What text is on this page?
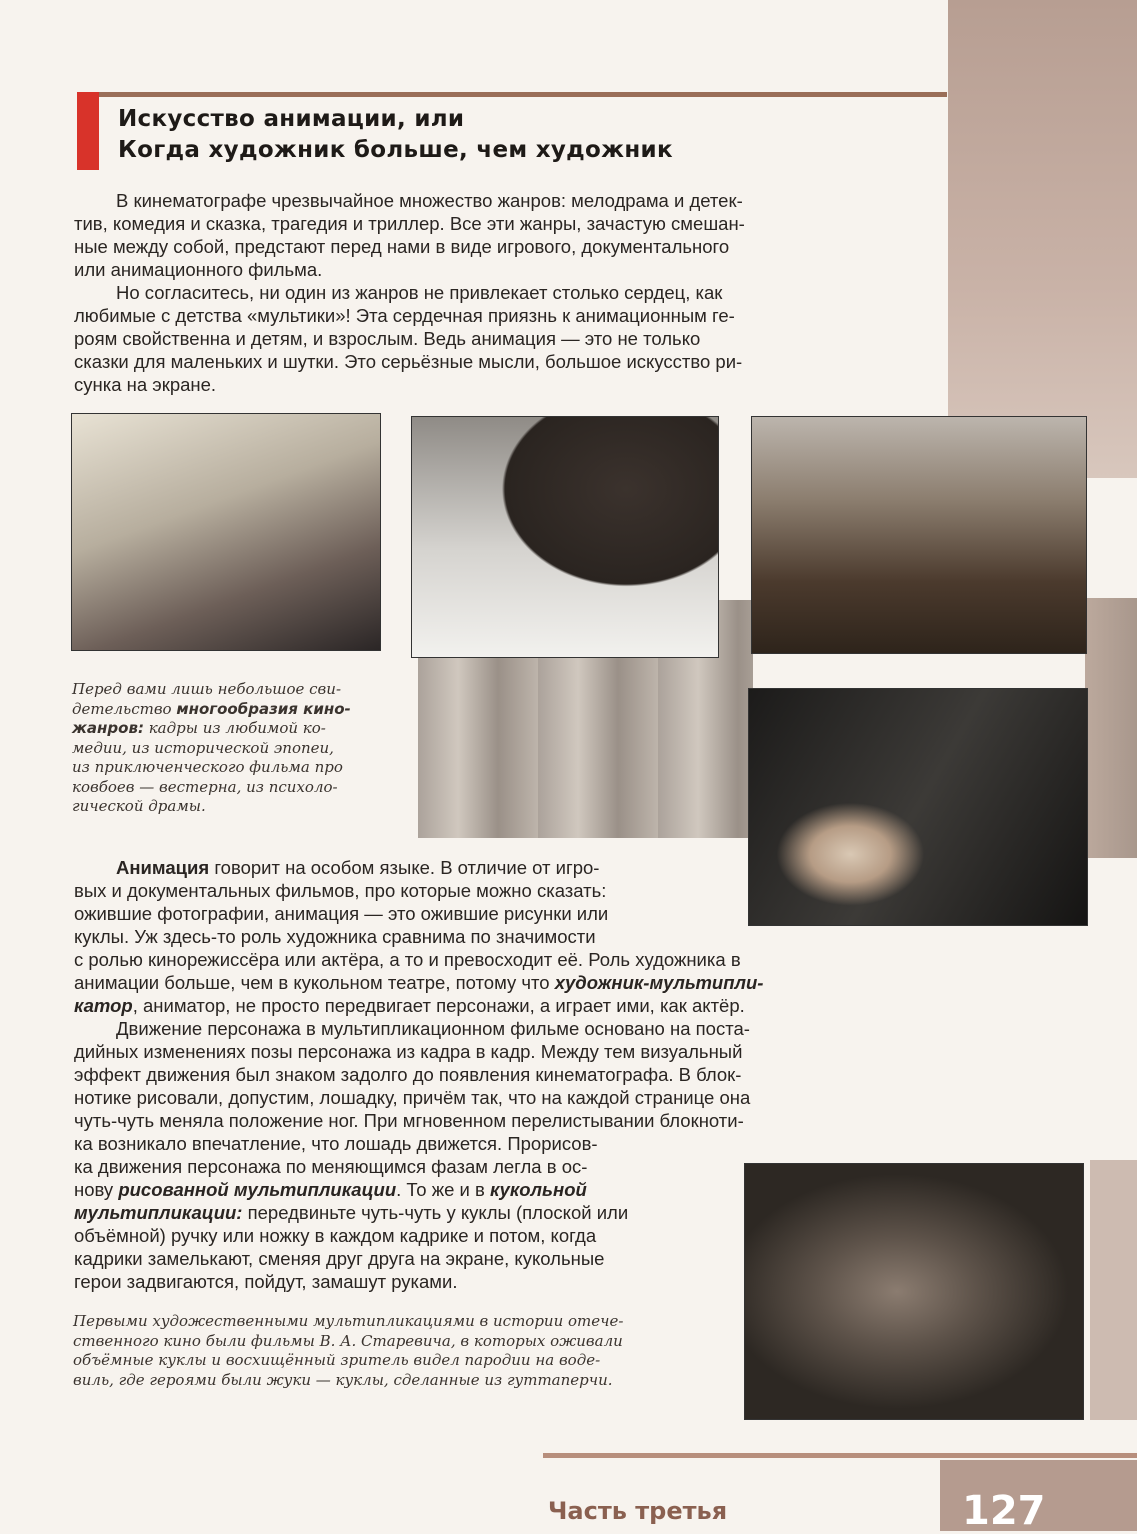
Искусство анимации, или
Когда художник больше, чем художник
В кинематографе чрезвычайное множество жанров: мелодрама и детек-
тив, комедия и сказка, трагедия и триллер. Все эти жанры, зачастую смешан-
ные между собой, предстают перед нами в виде игрового, документального
или анимационного фильма.
Но согласитесь, ни один из жанров не привлекает столько сердец, как
любимые с детства «мультики»! Эта сердечная приязнь к анимационным ге-
роям свойственна и детям, и взрослым. Ведь анимация — это не только
сказки для маленьких и шутки. Это серьёзные мысли, большое искусство ри-
сунка на экране.
Перед вами лишь небольшое сви-
детельство многообразия кино-
жанров: кадры из любимой ко-
медии, из исторической эпопеи,
из приключенческого фильма про
ковбоев — вестерна, из психоло-
гической драмы.
Анимация говорит на особом языке. В отличие от игро-
вых и документальных фильмов, про которые можно сказать:
ожившие фотографии, анимация — это ожившие рисунки или
куклы. Уж здесь-то роль художника сравнима по значимости
с ролью кинорежиссёра или актёра, а то и превосходит её. Роль художника в
анимации больше, чем в кукольном театре, потому что художник-мультипли-
катор, аниматор, не просто передвигает персонажи, а играет ими, как актёр.
Движение персонажа в мультипликационном фильме основано на поста-
дийных изменениях позы персонажа из кадра в кадр. Между тем визуальный
эффект движения был знаком задолго до появления кинематографа. В блок-
нотике рисовали, допустим, лошадку, причём так, что на каждой странице она
чуть-чуть меняла положение ног. При мгновенном перелистывании блокноти-
ка возникало впечатление, что лошадь движется. Прорисов-
ка движения персонажа по меняющимся фазам легла в ос-
нову рисованной мультипликации. То же и в кукольной
мультипликации: передвиньте чуть-чуть у куклы (плоской или
объёмной) ручку или ножку в каждом кадрике и потом, когда
кадрики замелькают, сменяя друг друга на экране, кукольные
герои задвигаются, пойдут, замашут руками.
Первыми художественными мультипликациями в истории отече-
ственного кино были фильмы В. А. Старевича, в которых оживали
объёмные куклы и восхищённый зритель видел пародии на водe-
виль, где героями были жуки — куклы, сделанные из гуттаперчи.
Часть третья	127
